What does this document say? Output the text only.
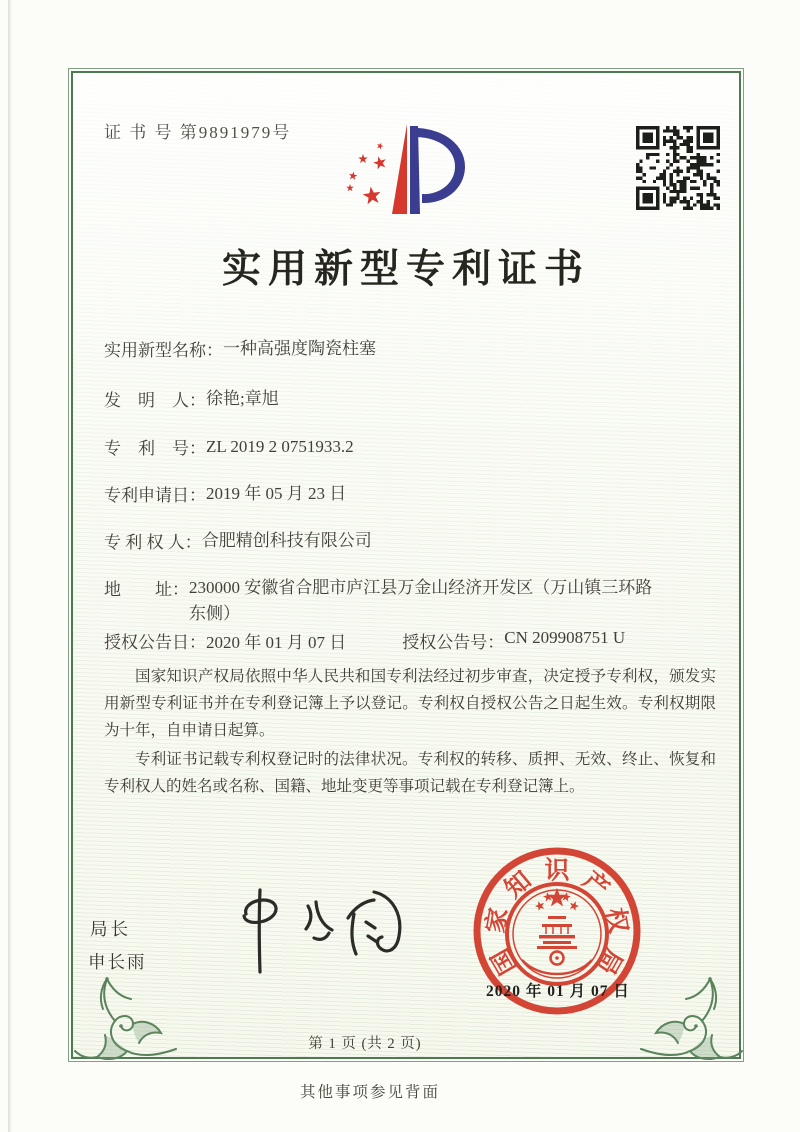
证 书 号 第9891979号
实用新型专利证书
实用新型名称： 一种高强度陶瓷柱塞
发　明　人： 徐艳;章旭
专　利　号： ZL 2019 2 0751933.2
专利申请日： 2019 年 05 月 23 日
专 利 权 人： 合肥精创科技有限公司
地　　址： 230000 安徽省合肥市庐江县万金山经济开发区（万山镇三环路东侧）
授权公告日： 2020 年 01 月 07 日	授权公告号： CN 209908751 U

国家知识产权局依照中华人民共和国专利法经过初步审查，决定授予专利权，颁发实用新型专利证书并在专利登记簿上予以登记。专利权自授权公告之日起生效。专利权期限为十年，自申请日起算。

专利证书记载专利权登记时的法律状况。专利权的转移、质押、无效、终止、恢复和专利权人的姓名或名称、国籍、地址变更等事项记载在专利登记簿上。

局长
申长雨	国
家
知 识 产
权
局
2020 年 01 月 07 日
第 1 页 (共 2 页)
其他事项参见背面
